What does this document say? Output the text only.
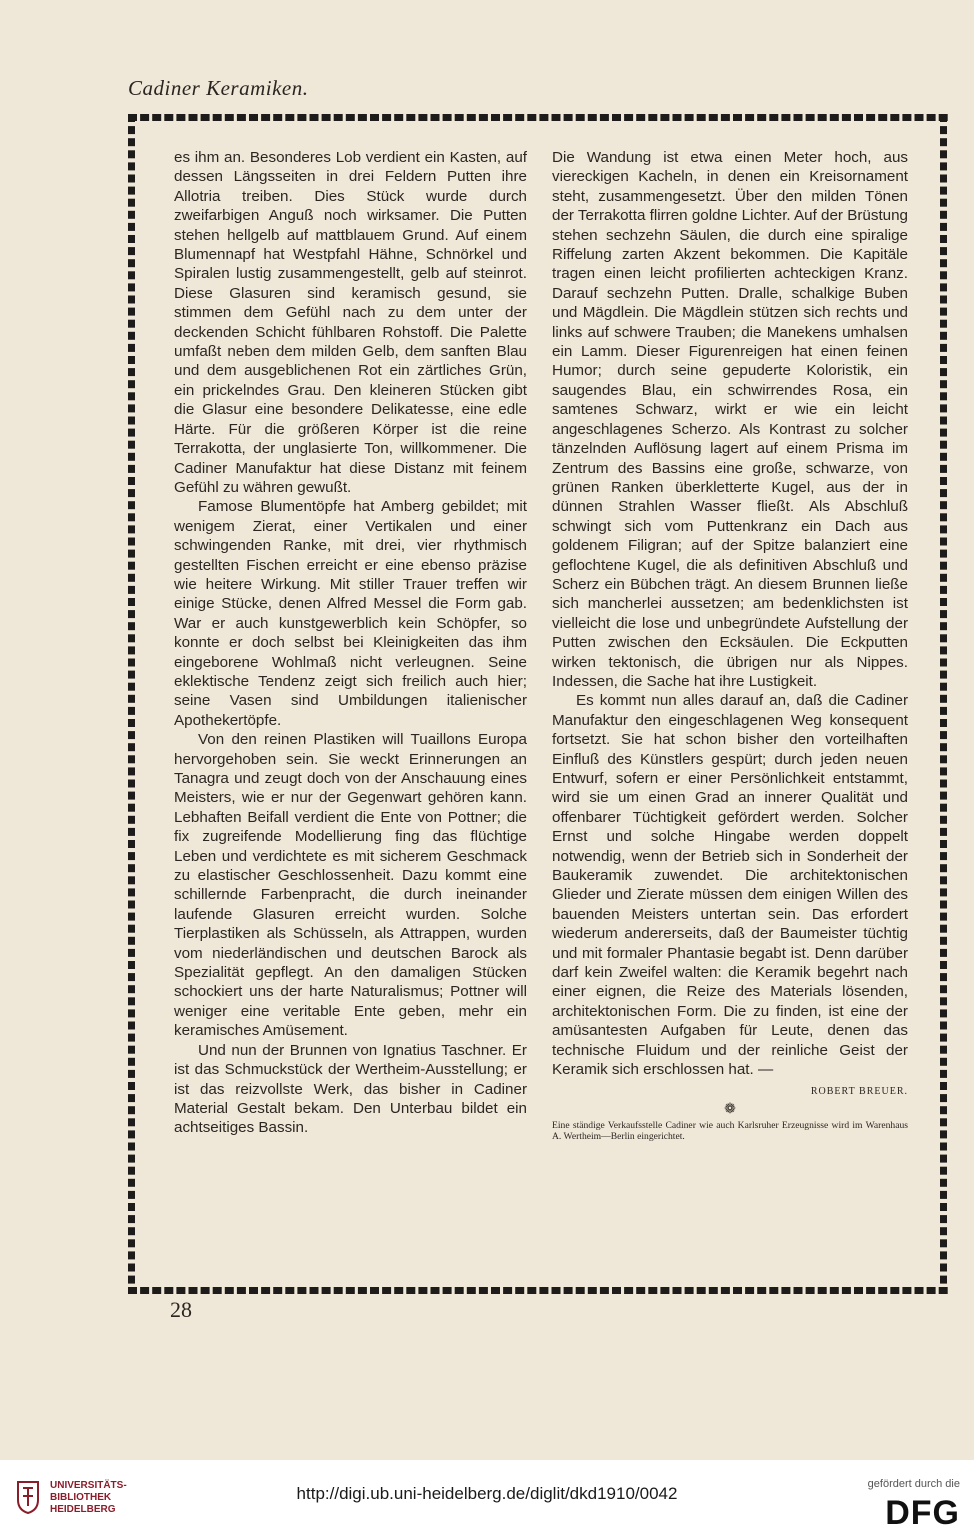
Cadiner Keramiken.

es ihm an. Besonderes Lob verdient ein Kasten, auf dessen Längsseiten in drei Feldern Putten ihre Allotria treiben. Dies Stück wurde durch zweifarbigen Anguß noch wirksamer. Die Putten stehen hellgelb auf mattblauem Grund. Auf einem Blumennapf hat Westpfahl Hähne, Schnörkel und Spiralen lustig zusammengestellt, gelb auf steinrot. Diese Glasuren sind keramisch gesund, sie stimmen dem Gefühl nach zu dem unter der deckenden Schicht fühlbaren Rohstoff. Die Palette umfaßt neben dem milden Gelb, dem sanften Blau und dem ausgeblichenen Rot ein zärtliches Grün, ein prickelndes Grau. Den kleineren Stücken gibt die Glasur eine besondere Delikatesse, eine edle Härte. Für die größeren Körper ist die reine Terrakotta, der unglasierte Ton, willkommener. Die Cadiner Manufaktur hat diese Distanz mit feinem Gefühl zu währen gewußt.

Famose Blumentöpfe hat Amberg gebildet; mit wenigem Zierat, einer Vertikalen und einer schwingenden Ranke, mit drei, vier rhythmisch gestellten Fischen erreicht er eine ebenso präzise wie heitere Wirkung. Mit stiller Trauer treffen wir einige Stücke, denen Alfred Messel die Form gab. War er auch kunstgewerblich kein Schöpfer, so konnte er doch selbst bei Kleinigkeiten das ihm eingeborene Wohlmaß nicht verleugnen. Seine eklektische Tendenz zeigt sich freilich auch hier; seine Vasen sind Umbildungen italienischer Apothekertöpfe.

Von den reinen Plastiken will Tuaillons Europa hervorgehoben sein. Sie weckt Erinnerungen an Tanagra und zeugt doch von der Anschauung eines Meisters, wie er nur der Gegenwart gehören kann. Lebhaften Beifall verdient die Ente von Pottner; die fix zugreifende Modellierung fing das flüchtige Leben und verdichtete es mit sicherem Geschmack zu elastischer Geschlossenheit. Dazu kommt eine schillernde Farbenpracht, die durch ineinander laufende Glasuren erreicht wurden. Solche Tierplastiken als Schüsseln, als Attrappen, wurden vom niederländischen und deutschen Barock als Spezialität gepflegt. An den damaligen Stücken schockiert uns der harte Naturalismus; Pottner will weniger eine veritable Ente geben, mehr ein keramisches Amüsement.

Und nun der Brunnen von Ignatius Taschner. Er ist das Schmuckstück der Wertheim-Ausstellung; er ist das reizvollste Werk, das bisher in Cadiner Material Gestalt bekam. Den Unterbau bildet ein achtseitiges Bassin.

Die Wandung ist etwa einen Meter hoch, aus viereckigen Kacheln, in denen ein Kreisornament steht, zusammengesetzt. Über den milden Tönen der Terrakotta flirren goldne Lichter. Auf der Brüstung stehen sechzehn Säulen, die durch eine spiralige Riffelung zarten Akzent bekommen. Die Kapitäle tragen einen leicht profilierten achteckigen Kranz. Darauf sechzehn Putten. Dralle, schalkige Buben und Mägdlein. Die Mägdlein stützen sich rechts und links auf schwere Trauben; die Manekens umhalsen ein Lamm. Dieser Figurenreigen hat einen feinen Humor; durch seine gepuderte Koloristik, ein saugendes Blau, ein schwirrendes Rosa, ein samtenes Schwarz, wirkt er wie ein leicht angeschlagenes Scherzo. Als Kontrast zu solcher tänzelnden Auflösung lagert auf einem Prisma im Zentrum des Bassins eine große, schwarze, von grünen Ranken überkletterte Kugel, aus der in dünnen Strahlen Wasser fließt. Als Abschluß schwingt sich vom Puttenkranz ein Dach aus goldenem Filigran; auf der Spitze balanziert eine geflochtene Kugel, die als definitiven Abschluß und Scherz ein Bübchen trägt. An diesem Brunnen ließe sich mancherlei aussetzen; am bedenklichsten ist vielleicht die lose und unbegründete Aufstellung der Putten zwischen den Ecksäulen. Die Eckputten wirken tektonisch, die übrigen nur als Nippes. Indessen, die Sache hat ihre Lustigkeit.

Es kommt nun alles darauf an, daß die Cadiner Manufaktur den eingeschlagenen Weg konsequent fortsetzt. Sie hat schon bisher den vorteilhaften Einfluß des Künstlers gespürt; durch jeden neuen Entwurf, sofern er einer Persönlichkeit entstammt, wird sie um einen Grad an innerer Qualität und offenbarer Tüchtigkeit gefördert werden. Solcher Ernst und solche Hingabe werden doppelt notwendig, wenn der Betrieb sich in Sonderheit der Baukeramik zuwendet. Die architektonischen Glieder und Zierate müssen dem einigen Willen des bauenden Meisters untertan sein. Das erfordert wiederum andererseits, daß der Baumeister tüchtig und mit formaler Phantasie begabt ist. Denn darüber darf kein Zweifel walten: die Keramik begehrt nach einer eignen, die Reize des Materials lösenden, architektonischen Form. Die zu finden, ist eine der amüsantesten Aufgaben für Leute, denen das technische Fluidum und der reinliche Geist der Keramik sich erschlossen hat. —

ROBERT BREUER.
❁
Eine ständige Verkaufsstelle Cadiner wie auch Karlsruher Erzeugnisse wird im Warenhaus A. Wertheim—Berlin eingerichtet.
28
UNIVERSITÄTS-
BIBLIOTHEK
HEIDELBERG
http://digi.ub.uni-heidelberg.de/diglit/dkd1910/0042	gefördert durch die
DFG
